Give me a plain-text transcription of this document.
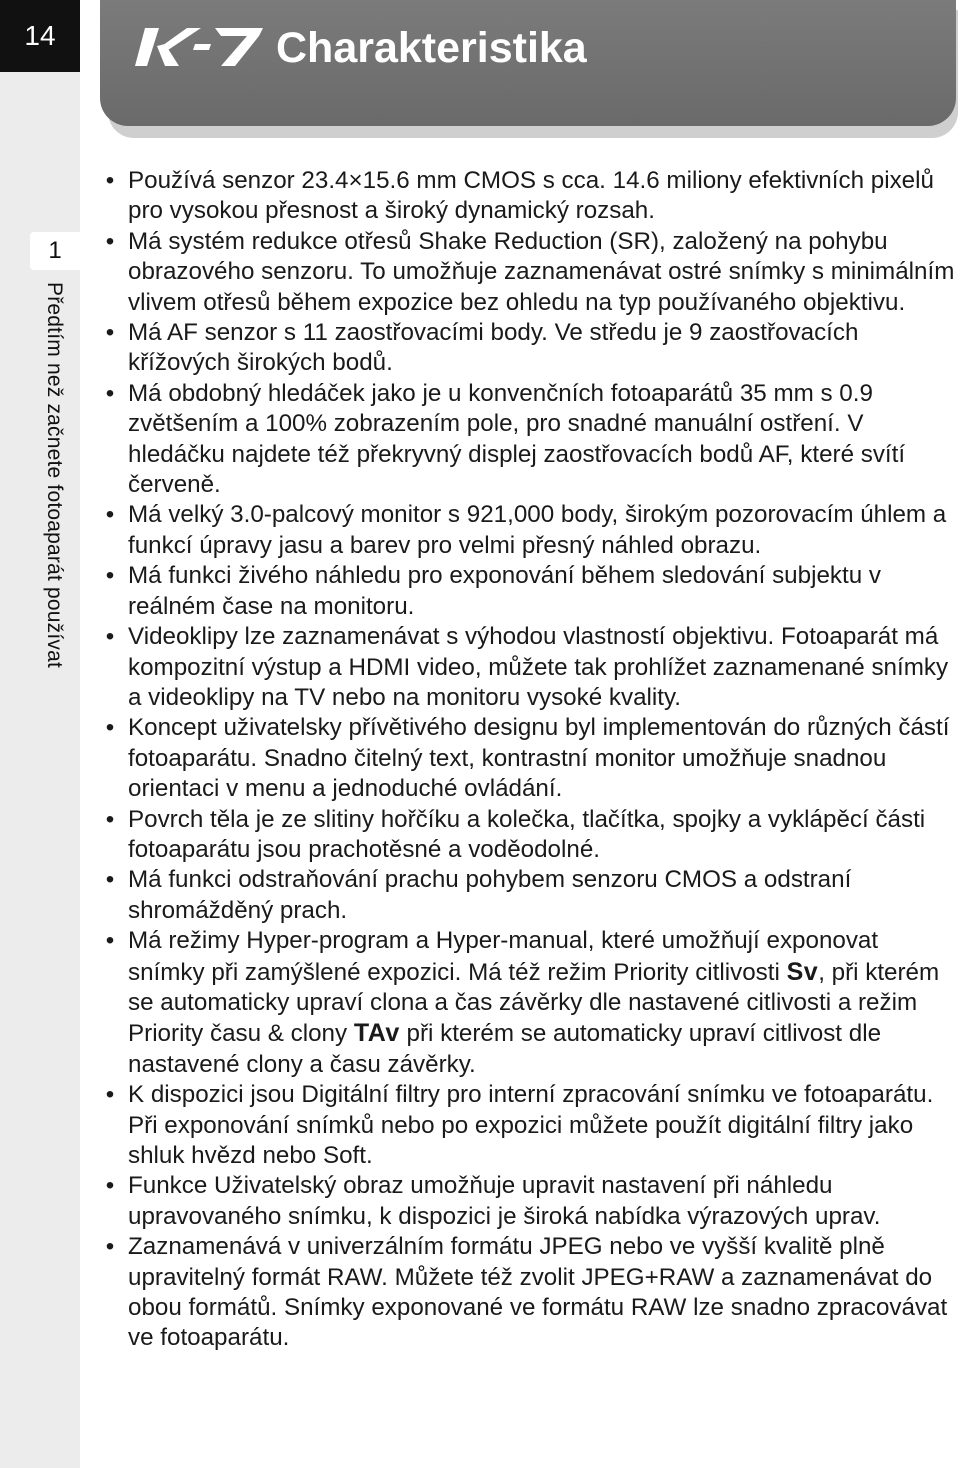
14
1
Předtím než začnete fotoaparát používat
Charakteristika
• Používá senzor 23.4×15.6 mm CMOS s cca. 14.6 miliony efektivních pixelů pro vysokou přesnost a široký dynamický rozsah.
• Má systém redukce otřesů Shake Reduction (SR), založený na pohybu obrazového senzoru. To umožňuje zaznamenávat ostré snímky s minimálním vlivem otřesů během expozice bez ohledu na typ používaného objektivu.
• Má AF senzor s 11 zaostřovacími body. Ve středu je 9 zaostřovacích křížových širokých bodů.
• Má obdobný hledáček jako je u konvenčních fotoaparátů 35 mm s 0.9 zvětšením a 100% zobrazením pole, pro snadné manuální ostření. V hledáčku najdete též překryvný displej zaostřovacích bodů AF, které svítí červeně.
• Má velký 3.0-palcový monitor s 921,000 body, širokým pozorovacím úhlem a funkcí úpravy jasu a barev pro velmi přesný náhled obrazu.
• Má funkci živého náhledu pro exponování během sledování subjektu v reálném čase na monitoru.
• Videoklipy lze zaznamenávat s výhodou vlastností objektivu. Fotoaparát má kompozitní výstup a HDMI video, můžete tak prohlížet zaznamenané snímky a videoklipy na TV nebo na monitoru vysoké kvality.
• Koncept uživatelsky přívětivého designu byl implementován do různých částí fotoaparátu. Snadno čitelný text, kontrastní monitor umožňuje snadnou orientaci v menu a jednoduché ovládání.
• Povrch těla je ze slitiny hořčíku a kolečka, tlačítka, spojky a vyklápěcí části fotoaparátu jsou prachotěsné a voděodolné.
• Má funkci odstraňování prachu pohybem senzoru CMOS a odstraní shromážděný prach.
• Má režimy Hyper-program a Hyper-manual, které umožňují exponovat snímky při zamýšlené expozici. Má též režim Priority citlivosti Sv, při kterém se automaticky upraví clona a čas závěrky dle nastavené citlivosti a režim Priority času & clony TAv při kterém se automaticky upraví citlivost dle nastavené clony a času závěrky.
• K dispozici jsou Digitální filtry pro interní zpracování snímku ve fotoaparátu. Při exponování snímků nebo po expozici můžete použít digitální filtry jako shluk hvězd nebo Soft.
• Funkce Uživatelský obraz umožňuje upravit nastavení při náhledu upravovaného snímku, k dispozici je široká nabídka výrazových uprav.
• Zaznamenává v univerzálním formátu JPEG nebo ve vyšší kvalitě plně upravitelný formát RAW. Můžete též zvolit JPEG+RAW a zaznamenávat do obou formátů. Snímky exponované ve formátu RAW lze snadno zpracovávat ve fotoaparátu.
